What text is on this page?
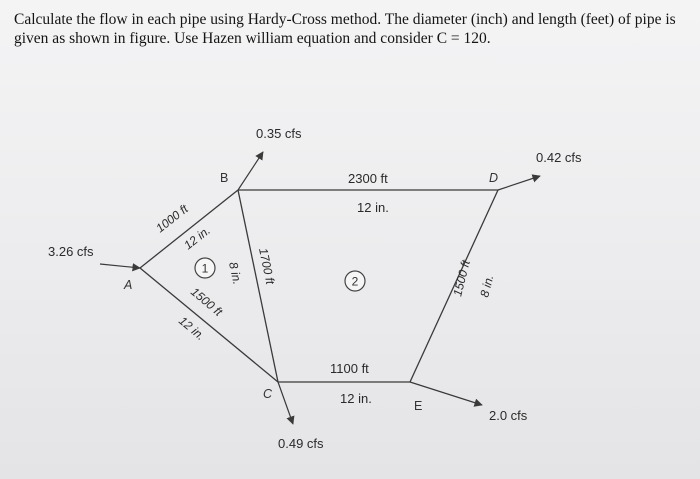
Calculate the flow in each pipe using Hardy-Cross method. The diameter (inch) and length (feet) of pipe is given as shown in figure. Use Hazen william equation and consider C = 120.

3.26 cfs
0.35 cfs
0.49 cfs
0.42 cfs
2.0 cfs
A
B
C
D
E
1000 ft
12 in.
1500 ft
12 in.
8 in. 1700 ft
2300 ft
12 in.
1500 ft 8 in.
1100 ft
12 in.
1
2
